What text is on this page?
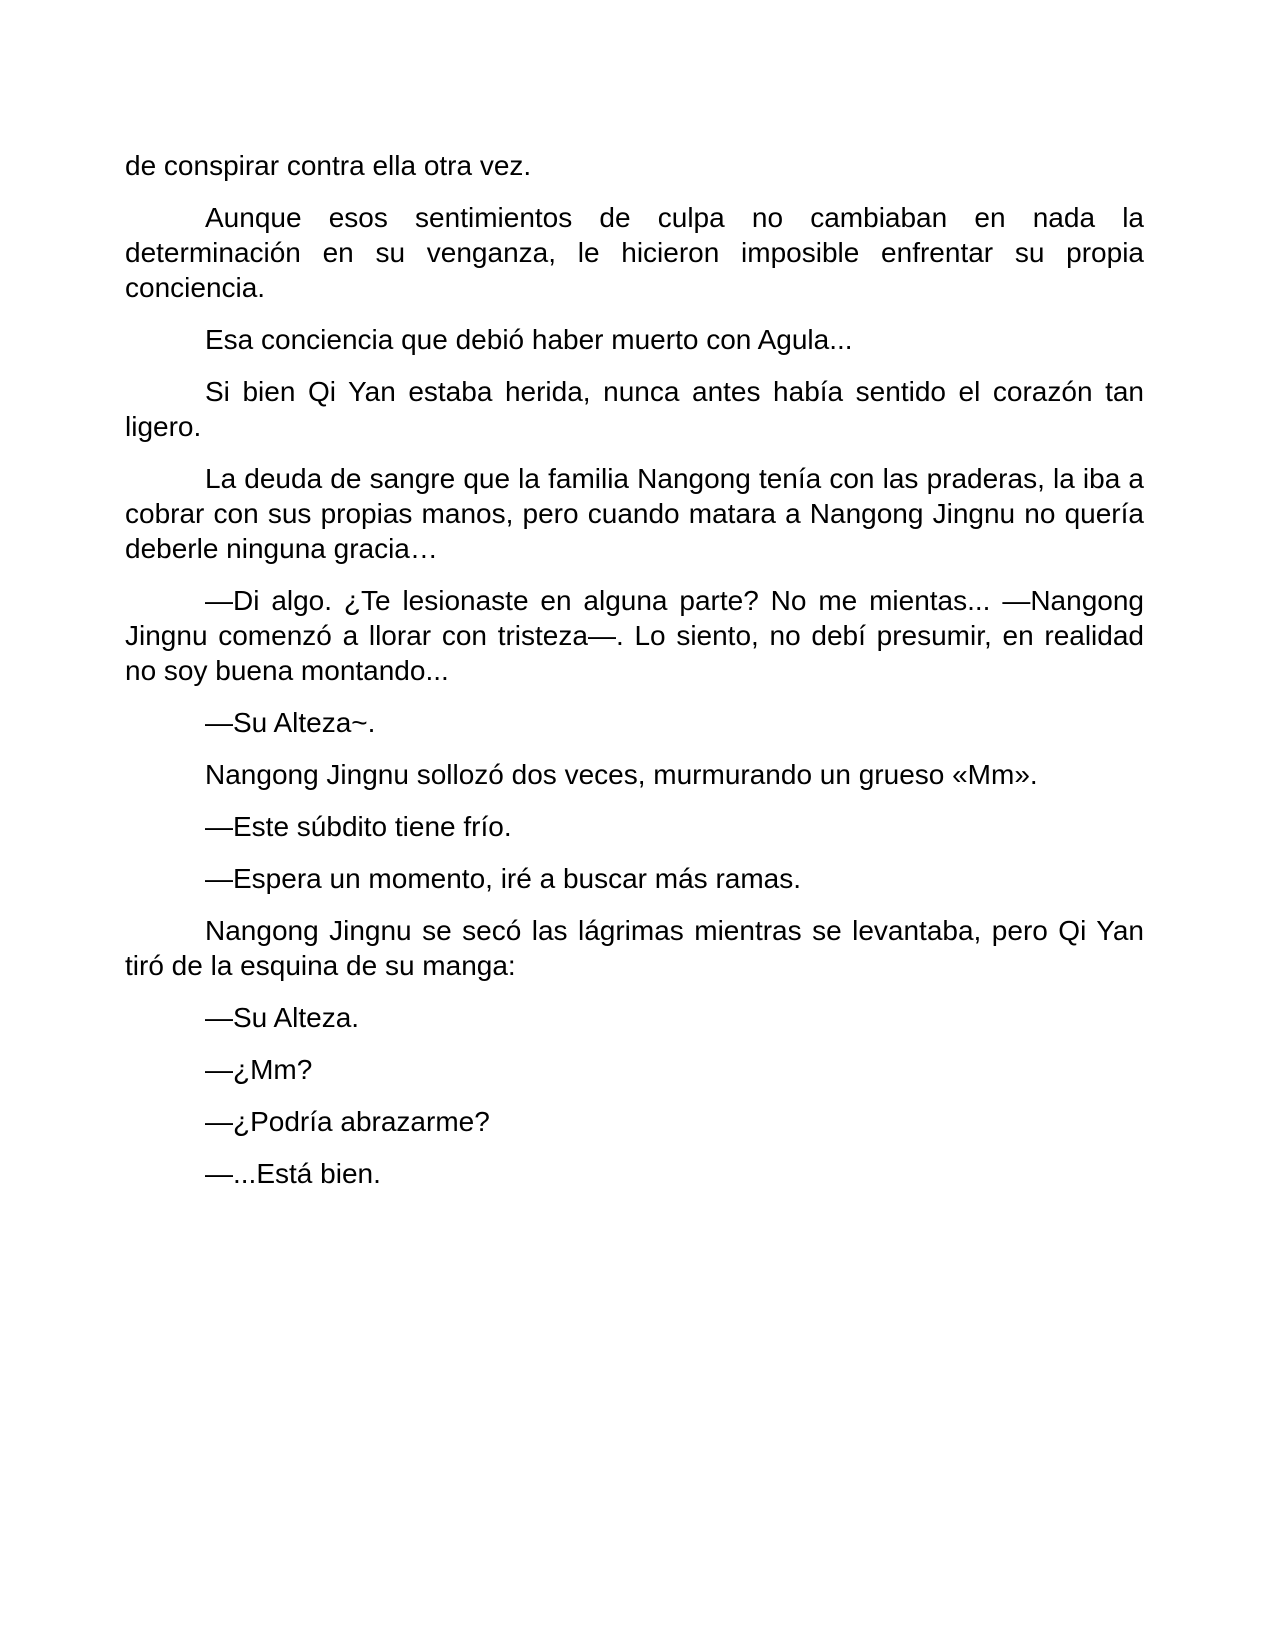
de conspirar contra ella otra vez.

Aunque esos sentimientos de culpa no cambiaban en nada la determinación en su venganza, le hicieron imposible enfrentar su propia conciencia.

Esa conciencia que debió haber muerto con Agula...

Si bien Qi Yan estaba herida, nunca antes había sentido el corazón tan ligero.

La deuda de sangre que la familia Nangong tenía con las praderas, la iba a cobrar con sus propias manos, pero cuando matara a Nangong Jingnu no quería deberle ninguna gracia…

—Di algo. ¿Te lesionaste en alguna parte? No me mientas... —Nangong Jingnu comenzó a llorar con tristeza—. Lo siento, no debí presumir, en realidad no soy buena montando...

—Su Alteza~.

Nangong Jingnu sollozó dos veces, murmurando un grueso «Mm».

—Este súbdito tiene frío.

—Espera un momento, iré a buscar más ramas.

Nangong Jingnu se secó las lágrimas mientras se levantaba, pero Qi Yan tiró de la esquina de su manga:

—Su Alteza.

—¿Mm?

—¿Podría abrazarme?

—...Está bien.
